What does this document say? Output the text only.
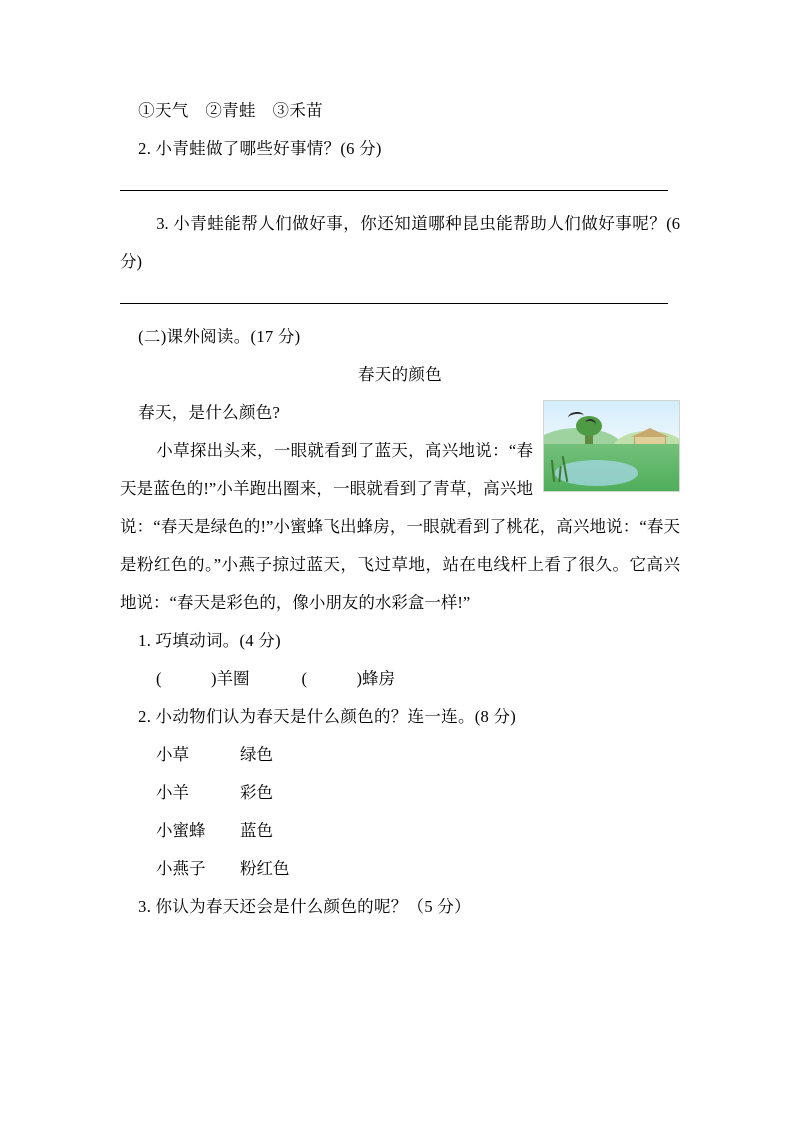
①天气　②青蛙　③禾苗
2. 小青蛙做了哪些好事情？(6 分)
3. 小青蛙能帮人们做好事，你还知道哪种昆虫能帮助人们做好事呢？(6 分)
(二)课外阅读。(17 分)
春天的颜色
春天，是什么颜色?
小草探出头来，一眼就看到了蓝天，高兴地说：“春天是蓝色的!”小羊跑出圈来，一眼就看到了青草，高兴地说：“春天是绿色的!”小蜜蜂飞出蜂房，一眼就看到了桃花，高兴地说：“春天是粉红色的。”小燕子掠过蓝天，飞过草地，站在电线杆上看了很久。它高兴地说：“春天是彩色的，像小朋友的水彩盒一样!”
1. 巧填动词。(4 分)
(　　　)羊圈	(　　　)蜂房
2. 小动物们认为春天是什么颜色的？连一连。(8 分)
小草	绿色
小羊	彩色
小蜜蜂	蓝色
小燕子	粉红色
3. 你认为春天还会是什么颜色的呢？（5 分）
